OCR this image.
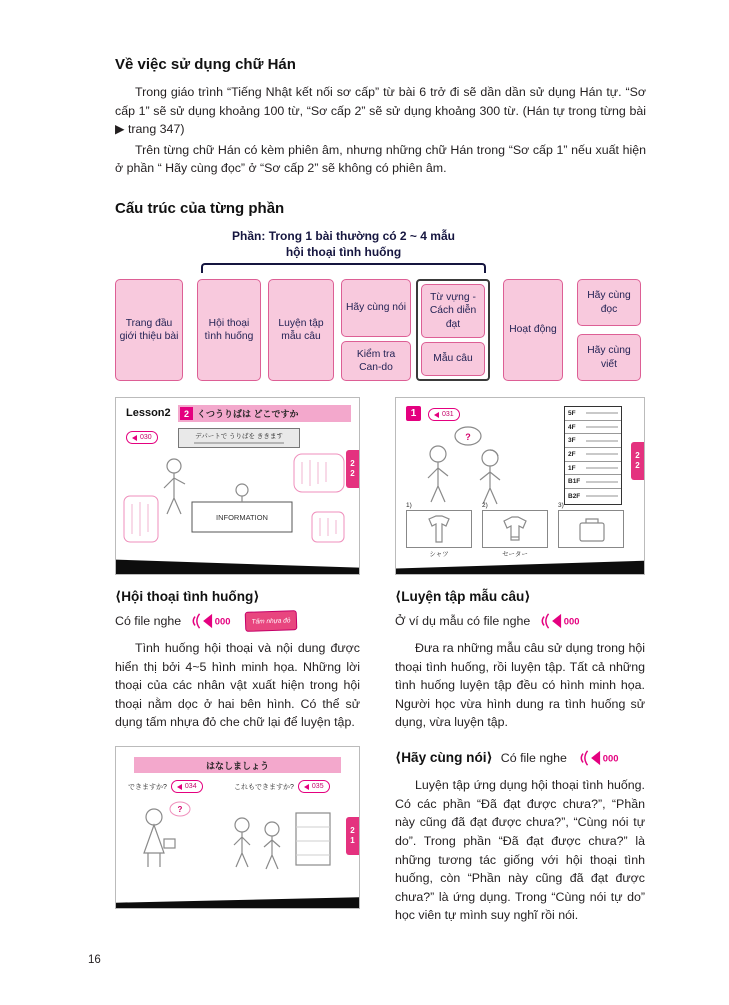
Về việc sử dụng chữ Hán

Trong giáo trình “Tiếng Nhật kết nối sơ cấp” từ bài 6 trở đi sẽ dần dần sử dụng Hán tự. “Sơ cấp 1” sẽ sử dụng khoảng 100 từ, “Sơ cấp 2” sẽ sử dụng khoảng 300 từ. (Hán tự trong từng bài ▶ trang 347)

Trên từng chữ Hán có kèm phiên âm, nhưng những chữ Hán trong “Sơ cấp 1” nếu xuất hiện ở phần “ Hãy cùng đọc” ở “Sơ cấp 2” sẽ không có phiên âm.

Cấu trúc của từng phần
Phần: Trong 1 bài thường có 2 ~ 4 mẫu
hội thoại tình huống
Trang đầu giới thiệu bài
Hội thoại tình huống
Luyện tập mẫu câu
Hãy cùng nói
Kiểm tra Can-do
Từ vựng - Cách diễn đạt
Mẫu câu
Hoạt động
Hãy cùng đọc
Hãy cùng viết
Lesson2	2 くつうりばは どこですか
030	デパートで うりばを ききます
INFORMATION
2
2
1	031
?
5F
4F
3F
2F
1F
B1F
B2F
1)
シャツ
2)
セーター
3)
2
2
⟨Hội thoại tình huống⟩
Có file nghe	000	Tấm nhựa đỏ

Tình huống hội thoại và nội dung được hiển thị bởi 4~5 hình minh họa. Những lời thoại của các nhân vật xuất hiện trong hội thoại nằm dọc ở hai bên hình. Có thể sử dụng tấm nhựa đỏ che chữ lại để luyện tập.

はなしましょう
できますか?	034	これもできますか?	035
?
2
1
⟨Luyện tập mẫu câu⟩
Ở ví dụ mẫu có file nghe	000

Đưa ra những mẫu câu sử dụng trong hội thoại tình huống, rồi luyện tập. Tất cả những tình huống luyện tập đều có hình minh họa. Người học vừa hình dung ra tình huống sử dụng, vừa luyện tập.

⟨Hãy cùng nói⟩ Có file nghe	000

Luyện tập ứng dụng hội thoại tình huống. Có các phần “Đã đạt được chưa?”, “Phần này cũng đã đạt được chưa?”, “Cùng nói tự do”. Trong phần “Đã đạt được chưa?” là những tương tác giống với hội thoại tình huống, còn “Phần này cũng đã đạt được chưa?” là ứng dụng. Trong “Cùng nói tự do” học viên tự mình suy nghĩ rồi nói.

16
